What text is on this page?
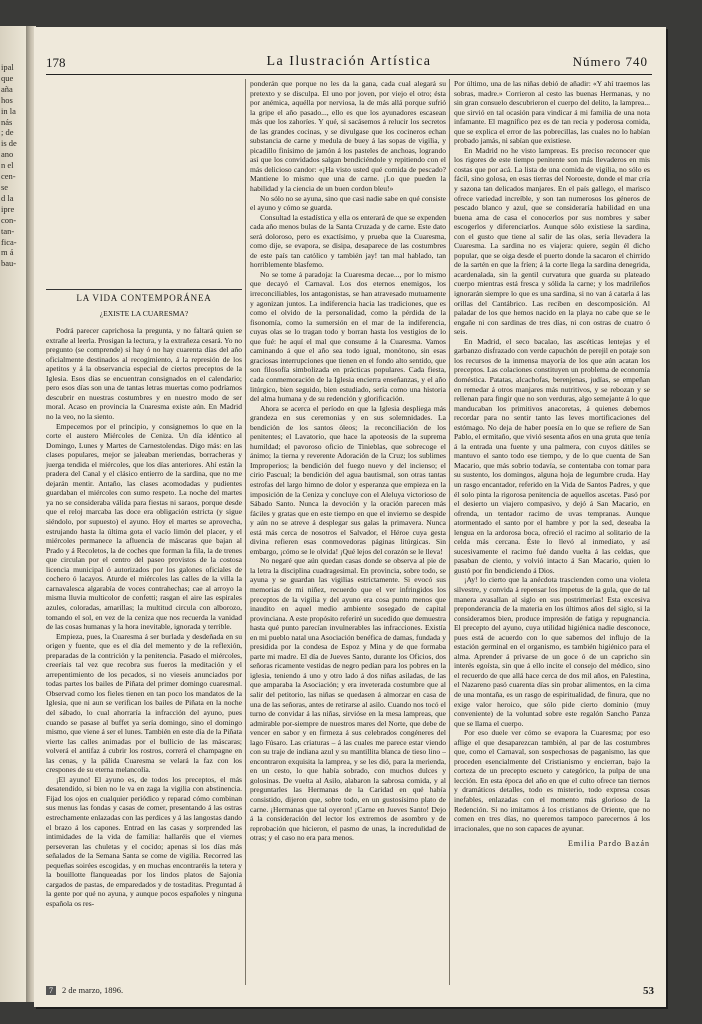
ipal
que
aña
hos
in la
nás
; de
is de
ano
n el
cen-
se
d la
ipre
con-
tan-
fica-
m á
bau-
178	La Ilustración Artística	Número 740
LA VIDA CONTEMPORÁNEA
¿EXISTE LA CUARESMA?

Podrá parecer caprichosa la pregunta, y no faltará quien se extrañe al leerla. Prosigan la lectura, y la extrañeza cesará. Yo no pregunto (se comprende) si hay ó no hay cuarenta días del año oficialmente destinados al recogimiento, á la represión de los apetitos y á la observancia especial de ciertos preceptos de la Iglesia. Esos días se encuentran consignados en el calendario; pero esos días son una de tantas letras muertas como podríamos descubrir en nuestras costumbres y en nuestro modo de ser moral. Acaso en provincia la Cuaresma existe aún. En Madrid no la veo, no la siento.

Empecemos por el principio, y consignemos lo que en la corte el austero Miércoles de Ceniza. Un día idéntico al Domingo, Lunes y Martes de Carnestolendas. Digo más: en las clases populares, mejor se jaleaban meriendas, borracheras y juerga tendida el miércoles, que los días anteriores. Ahí están la pradera del Canal y el clásico entierro de la sardina, que no me dejarán mentir. Antaño, las clases acomodadas y pudientes guardaban el miércoles con sumo respeto. La noche del martes ya no se consideraba válida para fiestas ni saraos, porque desde que el reloj marcaba las doce era obligación estricta (y sigue siéndolo, por supuesto) el ayuno. Hoy el martes se aprovecha, estrujando hasta la última gota el vacío limón del placer, y el miércoles permanece la afluencia de máscaras que bajan al Prado y á Recoletos, la de coches que forman la fila, la de trenes que circulan por el centro del paseo provistos de la costosa licencia municipal ó autorizados por los galones oficiales de cochero ó lacayos. Aturde el miércoles las calles de la villa la carnavalesca algarabía de voces contrahechas; cae al arroyo la misma lluvia multicolor de confetti; rasgan el aire las espirales azules, coloradas, amarillas; la multitud circula con alborozo, tomando el sol, en vez de la ceniza que nos recuerda la vanidad de las cosas humanas y la hora inevitable, ignorada y terrible.

Empieza, pues, la Cuaresma á ser burlada y desdeñada en su origen y fuente, que es el día del memento y de la reflexión, preparadas de la contrición y la penitencia. Pasado el miércoles, creeríais tal vez que recobra sus fueros la meditación y el arrepentimiento de los pecados, si no vieseis anunciados por todas partes los bailes de Piñata del primer domingo cuaresmal. Observad como los fieles tienen en tan poco los mandatos de la Iglesia, que ni aun se verifican los bailes de Piñata en la noche del sábado, lo cual ahorraría la infracción del ayuno, pues cuando se pasase al buffet ya sería domingo, sino el domingo mismo, que viene á ser el lunes. También en este día de la Piñata vierte las calles animadas por el bullicio de las máscaras; volverá el antifaz á cubrir los rostros, correrá el champagne en las cenas, y la pálida Cuaresma se velará la faz con los crespones de su eterna melancolía.

¡El ayuno! El ayuno es, de todos los preceptos, el más desatendido, si bien no le va en zaga la vigilia con abstinencia. Fijad los ojos en cualquier periódico y reparad cómo combinan sus menus las fondas y casas de comer, presentando á las ostras estrechamente enlazadas con las perdices y á las langostas dando el brazo á los capones. Entrad en las casas y sorprended las intimidades de la vida de familia: hallaréis que el viernes perseveran las chuletas y el cocido; apenas si los días más señalados de la Semana Santa se come de vigilia. Recorred las pequeñas soirées escogidas, y en muchas encontraréis la tetera y la bouillotte flanqueadas por los lindos platos de Sajonia cargados de pastas, de emparedados y de tostaditas. Preguntad á la gente por qué no ayuna, y aunque pocos españoles y ninguna española os res-

ponderán que porque no les da la gana, cada cual alegará su pretexto y se disculpa. El uno por joven, por viejo el otro; ésta por anémica, aquélla por nerviosa, la de más allá porque sufrió la gripe el año pasado..., ello es que los ayunadores escasean más que los zahoríes. Y qué, si sacásemos á relucir los secretos de las grandes cocinas, y se divulgase que los cocineros echan substancia de carne y medula de buey á las sopas de vigilia, y picadillo finísimo de jamón á los pasteles de anchoas, logrando así que los convidados salgan bendiciéndole y repitiendo con el más delicioso candor: «¡Ha visto usted qué comida de pescado? Mantiene lo mismo que una de carne. ¡Lo que pueden la habilidad y la ciencia de un buen cordon bleu!»

No sólo no se ayuna, sino que casi nadie sabe en qué consiste el ayuno y cómo se guarda.

Consultad la estadística y ella os enterará de que se expenden cada año menos bulas de la Santa Cruzada y de carne. Este dato será doloroso, pero es exactísimo, y prueba que la Cuaresma, como dije, se evapora, se disipa, desaparece de las costumbres de este país tan católico y también jay! tan mal hablado, tan horriblemente blasfemo.

No se tome á paradoja: la Cuaresma decae..., por lo mismo que decayó el Carnaval. Los dos eternos enemigos, los irreconciliables, los antagonistas, se han atravesado mutuamente y agonizan juntos. La indiferencia hacia las tradiciones, que es como el olvido de la personalidad, como la pérdida de la fisonomía, como la sumersión en el mar de la indiferencia, cuyas olas se lo tragan todo y borran hasta los vestigios de lo que fué: he aquí el mal que consume á la Cuaresma. Vamos caminando á que el año sea todo igual, monótono, sin esas graciosas interrupciones que tienen en el fondo alto sentido, que son filosofía simbolizada en prácticas populares. Cada fiesta, cada conmemoración de la Iglesia encierra enseñanzas, y el año litúrgico, bien seguido, bien estudiado, sería como una historia del alma humana y de su redención y glorificación.

Ahora se acerca el período en que la Iglesia despliega más grandeza en sus ceremonias y en sus solemnidades. La bendición de los santos óleos; la reconciliación de los penitentes; el Lavatorio, que hace la apoteosis de la suprema humildad; el pavoroso oficio de Tinieblas, que sobrecoge el ánimo; la tierna y reverente Adoración de la Cruz; los sublimes Improperios; la bendición del fuego nuevo y del incienso; el cirio Pascual; la bendición del agua bautismal, son otras tantas estrofas del largo himno de dolor y esperanza que empieza en la imposición de la Ceniza y concluye con el Aleluya victorioso de Sábado Santo. Nunca la devoción y la oración parecen más fáciles y gratas que en este tiempo en que el invierno se despide y aún no se atreve á desplegar sus galas la primavera. Nunca está más cerca de nosotros el Salvador, el Héroe cuya gesta divina refieren esas conmovedoras páginas litúrgicas. Sin embargo, ¡cómo se le olvida! ¡Qué lejos del corazón se le lleva!

No negaré que aún quedan casas donde se observa al pie de la letra la disciplina cuadragesimal. En provincia, sobre todo, se ayuna y se guardan las vigilias estrictamente. Si evocó sus memorias de mi niñez, recuerdo que el ver infringidos los preceptos de la vigilia y del ayuno era cosa punto menos que inaudito en aquel medio ambiente sosegado de capital provinciana. A este propósito referiré un sucedido que demuestra hasta qué punto parecían invulnerables las infracciones. Existía en mi pueblo natal una Asociación benéfica de damas, fundada y presidida por la condesa de Espoz y Mina y de que formaba parte mi madre. El día de Jueves Santo, durante los Oficios, dos señoras ricamente vestidas de negro pedían para los pobres en la iglesia, teniendo á uno y otro lado á dos niñas asiladas, de las que amparaba la Asociación; y era inveterada costumbre que al salir del petitorio, las niñas se quedasen á almorzar en casa de una de las señoras, antes de retirarse al asilo. Cuando nos tocó el turno de convidar á las niñas, sirvióse en la mesa lampreas, que admirable por-siempre de nuestros mares del Norte, que debe de vencer en sabor y en firmeza á sus celebrados congéneres del lago Fúsaro. Las criaturas – á las cuales me parece estar viendo con su traje de indiana azul y su mantillita blanca de tieso lino – encontraron exquisita la lamprea, y se les dió, para la merienda, en un cesto, lo que había sobrado, con muchos dulces y golosinas. De vuelta al Asilo, alabaron la sabrosa comida, y al preguntarles las Hermanas de la Caridad en qué había consistido, dijeron que, sobre todo, en un gustosísimo plato de carne. ¡Hermanas que tal oyeron! ¡Carne en Jueves Santo! Dejo á la consideración del lector los extremos de asombro y de reprobación que hicieron, el pasmo de unas, la incredulidad de otras; y el caso no era para menos.

Por último, una de las niñas debió de añadir: «Y ahí traemos las sobras, madre.» Corrieron al cesto las buenas Hermanas, y no sin gran consuelo descubrieron el cuerpo del delito, la lamprea... que sirvió en tal ocasión para vindicar á mi familia de una nota infamante. El magnífico pez es de tan recia y poderosa comida, que se explica el error de las pobrecillas, las cuales no lo habían probado jamás, ni sabían que existiese.

En Madrid no he visto lampreas. Es preciso reconocer que los rigores de este tiempo penitente son más llevaderos en mis costas que por acá. La lista de una comida de vigilia, no sólo es fácil, sino golosa, en esas tierras del Noroeste, donde el mar cría y sazona tan delicados manjares. En el país gallego, el marisco ofrece variedad increíble, y son tan numerosos los géneros de pescado blanco y azul, que se consideraría habilidad en una buena ama de casa el conocerlos por sus nombres y saber escogerlos y diferenciarlos. Aunque sólo existiese la sardina, con el gusto que tiene al salir de las olas, sería llevadera la Cuaresma. La sardina no es viajera: quiere, según él dicho popular, que se oiga desde el puerto donde la sacaron el chirrido de la sartén en que la fríen; á la corte llega la sardina denegrida, acardenalada, sin la gentil curvatura que guarda su plateado cuerpo mientras está fresca y sólida la carne; y los madrileños ignorarán siempre lo que es una sardina, si no van á catarla á las orillas del Cantábrico. Las reciben en descomposición. Al paladar de los que hemos nacido en la playa no cabe que se le engañe ni con sardinas de tres días, ni con ostras de cuatro ó seis.

En Madrid, el seco bacalao, las ascéticas lentejas y el garbanzo disfrazado con verde capuchón de perejil en potaje son los recursos de la inmensa mayoría de los que aún acatan los preceptos. Las colaciones constituyen un problema de economía doméstica. Patatas, alcachofas, berenjenas, judías, se empeñan en remedar á otros manjares más nutritivos, y se rebozan y se rellenan para fingir que no son verduras, algo semejante á lo que manducaban los primitivos anacoretas, á quienes debemos recordar para no sentir tanto las leves mortificaciones del estómago. No deja de haber poesía en lo que se refiere de San Pablo, el ermitaño, que vivió sesenta años en una gruta que tenía á la entrada una fuente y una palmera, con cuyos dátiles se mantuvo el santo todo ese tiempo, y de lo que cuenta de San Macario, que más sobrio todavía, se contentaba con tomar para su sustento, los domingos, alguna hoja de legumbre cruda. Hay un rasgo encantador, referido en la Vida de Santos Padres, y que él solo pinta la rigorosa penitencia de aquellos ascetas. Pasó por el desierto un viajero compasivo, y dejó á San Macario, en ofrenda, un tentador racimo de uvas tempranas. Aunque atormentado el santo por el hambre y por la sed, deseaba la lengua en la ardorosa boca, ofreció el racimo al solitario de la celda más cercana. Éste lo llevó al inmediato, y así sucesivamente el racimo fué dando vuelta á las celdas, que pasaban de ciento, y volvió intacto á San Macario, quien lo gustó por fin bendiciendo á Dios.

¡Ay! lo cierto que la anécdota trascienden como una violeta silvestre, y convida á repensar los ímpetus de la gula, que de tal manera avasallan al siglo en sus postrimerías! Esta excesiva preponderancia de la materia en los últimos años del siglo, si la consideramos bien, produce impresión de fatiga y repugnancia. El precepto del ayuno, cuya utilidad higiénica nadie desconoce, pues está de acuerdo con lo que sabemos del influjo de la estación germinal en el organismo, es también higiénico para el alma. Aprender á privarse de un goce ó de un capricho sin interés egoísta, sin que á ello incite el consejo del médico, sino el recuerdo de que allá hace cerca de dos mil años, en Palestina, el Nazareno pasó cuarenta días sin probar alimentos, en la cima de una montaña, es un rasgo de espiritualidad, de finura, que no exige valor heroico, que sólo pide cierto dominio (muy conveniente) de la voluntad sobre este regalón Sancho Panza que se llama el cuerpo.

Por eso duele ver cómo se evapora la Cuaresma; por eso aflige el que desaparezcan también, al par de las costumbres que, como el Carnaval, son sospechosas de paganismo, las que proceden esencialmente del Cristianismo y encierran, bajo la corteza de un precepto escueto y categórico, la pulpa de una lección. En esta época del año en que el culto ofrece tan tiernos y dramáticos detalles, todo es misterio, todo expresa cosas inefables, enlazadas con el momento más glorioso de la Redención. Si no imitamos á los cristianos de Oriente, que no comen en tres días, no queremos tampoco parecernos á los irracionales, que no son capaces de ayunar.

Emilia Pardo Bazán
7	2 de marzo, 1896.	53
